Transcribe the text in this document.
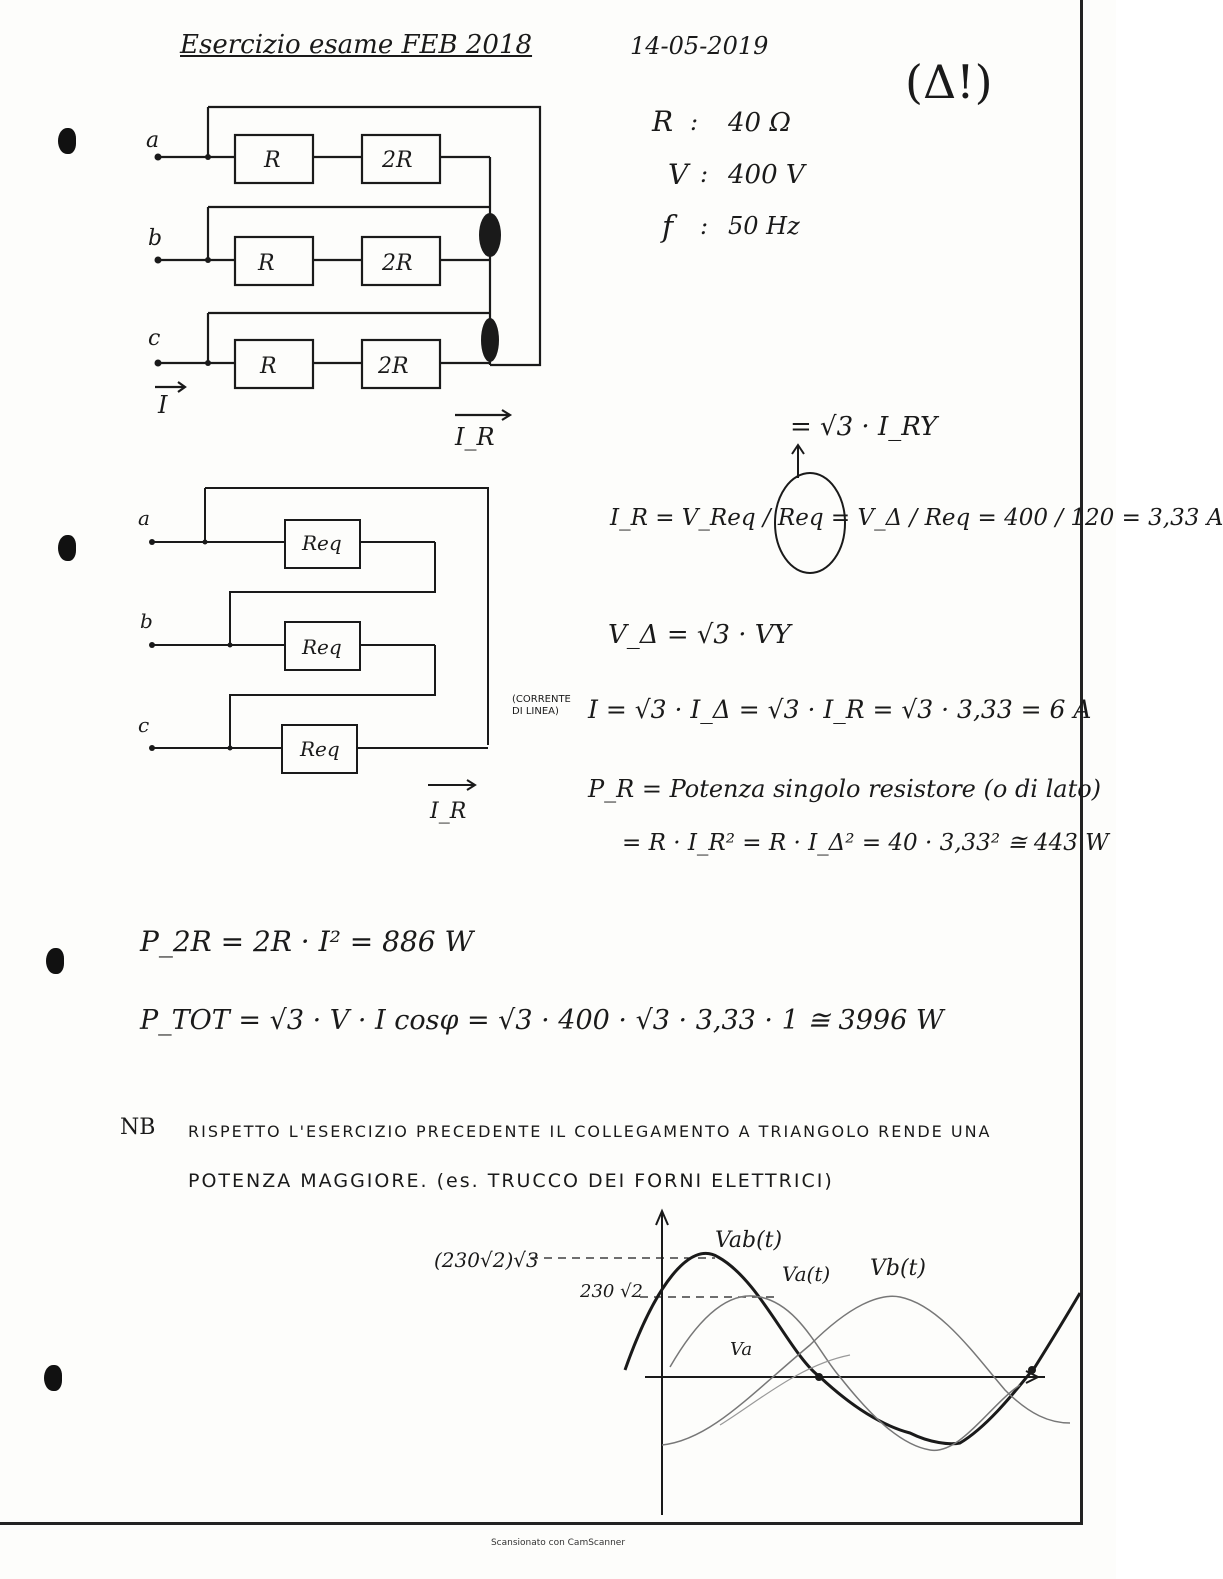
Esercizio esame FEB 2018	14-05-2019
(Δ!)
R : 40 Ω
V : 400 V
f : 50 Hz
a
b
c
R	2R
R	2R
R	2R
I
I_R
a
b
c
Req
Req
Req
I_R
= √3 · I_RY
I_R = V_Req / Req = V_Δ / Req = 400 / 120 = 3,33 A
V_Δ = √3 · VY
(CORRENTE DI LINEA)	I = √3 · I_Δ = √3 · I_R = √3 · 3,33 = 6 A
P_R = Potenza singolo resistore (o di lato)
= R · I_R² = R · I_Δ² = 40 · 3,33² ≅ 443 W
P_2R = 2R · I² = 886 W
P_TOT = √3 · V · I cosφ = √3 · 400 · √3 · 3,33 · 1 ≅ 3996 W
NB RISPETTO L'ESERCIZIO PRECEDENTE IL COLLEGAMENTO A TRIANGOLO RENDE UNA
POTENZA MAGGIORE. (es. TRUCCO DEI FORNI ELETTRICI)
(230√2)√3
230 √2
Vab(t)
Va(t) Vb(t)
Va
Scansionato con CamScanner
